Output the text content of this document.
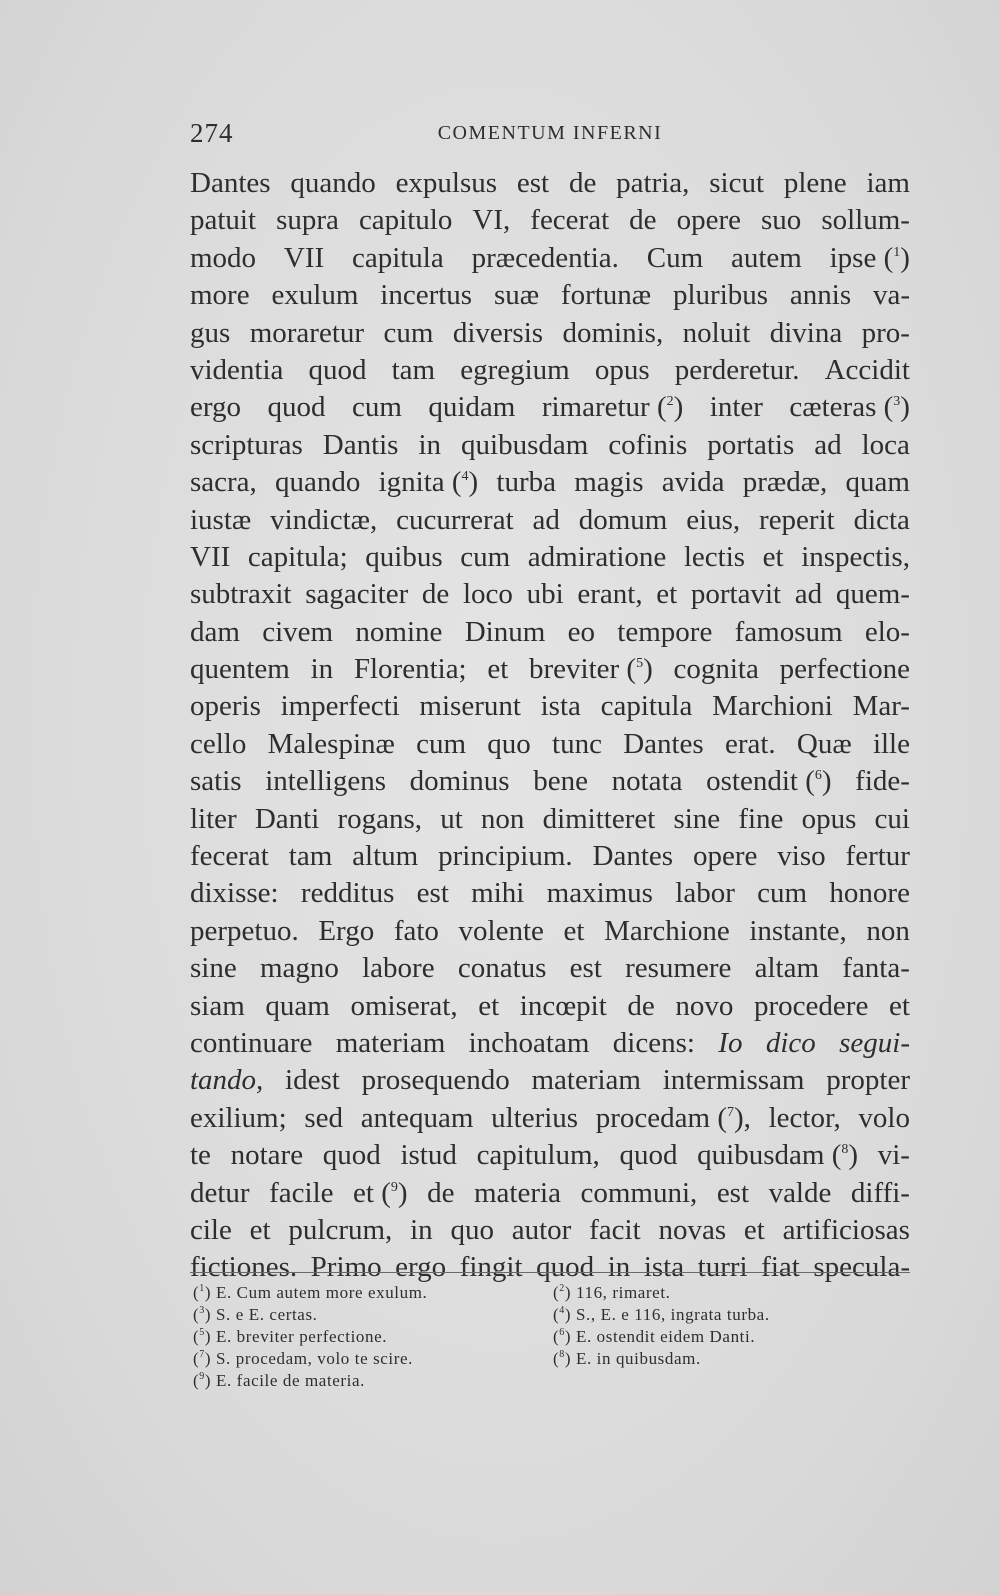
274	COMENTUM INFERNI
Dantes quando expulsus est de patria, sicut plene iam
patuit supra capitulo VI, fecerat de opere suo sollum-
modo VII capitula præcedentia. Cum autem ipse ($^1$)
more exulum incertus suæ fortunæ pluribus annis va-
gus moraretur cum diversis dominis, noluit divina pro-
videntia quod tam egregium opus perderetur. Accidit
ergo quod cum quidam rimaretur ($^2$) inter cæteras ($^3$)
scripturas Dantis in quibusdam cofinis portatis ad loca
sacra, quando ignita ($^4$) turba magis avida prædæ, quam
iustæ vindictæ, cucurrerat ad domum eius, reperit dicta
VII capitula; quibus cum admiratione lectis et inspectis,
subtraxit sagaciter de loco ubi erant, et portavit ad quem-
dam civem nomine Dinum eo tempore famosum elo-
quentem in Florentia; et breviter ($^5$) cognita perfectione
operis imperfecti miserunt ista capitula Marchioni Mar-
cello Malespinæ cum quo tunc Dantes erat. Quæ ille
satis intelligens dominus bene notata ostendit ($^6$) fide-
liter Danti rogans, ut non dimitteret sine fine opus cui
fecerat tam altum principium. Dantes opere viso fertur
dixisse: redditus est mihi maximus labor cum honore
perpetuo. Ergo fato volente et Marchione instante, non
sine magno labore conatus est resumere altam fanta-
siam quam omiserat, et incœpit de novo procedere et
continuare materiam inchoatam dicens: Io dico segui-
tando, idest prosequendo materiam intermissam propter
exilium; sed antequam ulterius procedam ($^7$), lector, volo
te notare quod istud capitulum, quod quibusdam ($^8$) vi-
detur facile et ($^9$) de materia communi, est valde diffi-
cile et pulcrum, in quo autor facit novas et artificiosas
fictiones. Primo ergo fingit quod in ista turri fiat specula-
($^1$) E. Cum autem more exulum.	($^2$) 116, rimaret.
($^3$) S. e E. certas.	($^4$) S., E. e 116, ingrata turba.
($^5$) E. breviter perfectione.	($^6$) E. ostendit eidem Danti.
($^7$) S. procedam, volo te scire.	($^8$) E. in quibusdam.
($^9$) E. facile de materia.
